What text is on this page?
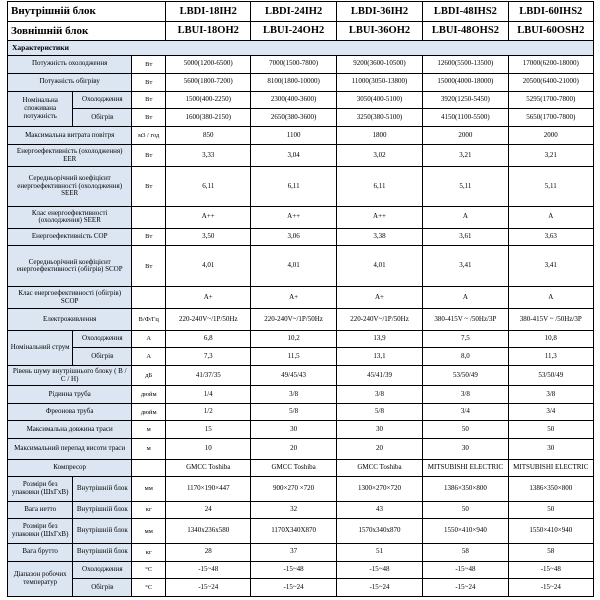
Внутрішній блок			LBDI-18IH2	LBDI-24IH2	LBDI-36IH2	LBDI-48IHS2	LBDI-60IHS2
Зовнішній блок			LBUI-18OH2	LBUI-24OH2	LBUI-36OH2	LBUI-48OHS2	LBUI-60OSH2
Характеристики							
Потужність охолодження		Вт	5000(1200-6500)	7000(1500-7800)	9200(3600-10500)	12600(5500-13500)	17000(6200-18000)
Потужність обігріву		Вт	5600(1800-7200)	8100(1800-10000)	11000(3050-13800)	15000(4000-18000)	20500(6400-21000)
Номінальна споживана потужність	Охолодження	Вт	1500(400-2250)	2300(400-3600)	3050(400-5100)	3920(1250-5450)	5295(1700-7800)
	Обігрів	Вт	1600(380-2150)	2650(380-3600)	3250(380-5100)	4150(1100-5500)	5650(1700-7800)
Максимальна витрата повітря		м3 / год	850	1100	1800	2000	2000
Енергоефективність (охолодження) EER		Вт	3,33	3,04	3,02	3,21	3,21
Середньорічний коефіцієнт енергоефективності (охолодження) SEER		Вт	6,11	6,11	6,11	5,11	5,11
Клас енергоефективності (охолодження) SEER			A++	A++	A++	A	A
Енергоефективність COP		Вт	3,50	3,06	3,38	3,61	3,63
Середньорічний коефіцієнт енергоефективності (обігрів) SCOP		Вт	4,01	4,01	4,01	3,41	3,41
Клас енергоефективності (обігрів) SCOP			A+	A+	A+	A	A
Електроживлення		В/Ф/Гц	220-240V~/1P/50Hz	220-240V~/1P/50Hz	220-240V~/1P/50Hz	380-415V ~ /50Hz/3P	380-415V ~ /50Hz/3P
Номінальний струм	Охолодження	А	6,8	10,2	13,9	7,5	10,8
	Обігрів	А	7,3	11,5	13,1	8,0	11,3
Рівень шуму внутрішнього блоку ( В / С / Н)		дБ	41/37/35	49/45/43	45/41/39	53/50/49	53/50/49
Рідинна труба		дюйм	1/4	3/8	3/8	3/8	3/8
Фреонова труба		дюйм	1/2	5/8	5/8	3/4	3/4
Максимальна довжина траси		м	15	30	30	50	50
Максимальний перепад висоти траси		м	10	20	20	30	30
Компресор			GMCC Toshiba	GMCC Toshiba	GMCC Toshiba	MITSUBISHI ELECTRIC	MITSUBISHI ELECTRIC
Розміри без упаковки (ШхГхВ)	Внутрішній блок	мм	1170×190×447	900×270 ×720	1300×270×720	1386×350×800	1386×350×800
Вага нетто	Внутрішній блок	кг	24	32	43	50	50
Розміри без упаковки (ШхГхВ)	Внутрішній блок	мм	1340x236x580	1170X340X870	1570x340x870	1550×410×940	1550×410×940
Вага брутто	Внутрішній блок	кг	28	37	51	58	58
Діапазон робочих температур	Охолодження	°C	-15~48	-15~48	-15~48	-15~48	-15~48
	Обігрів	°C	-15~24	-15~24	-15~24	-15~24	-15~24
